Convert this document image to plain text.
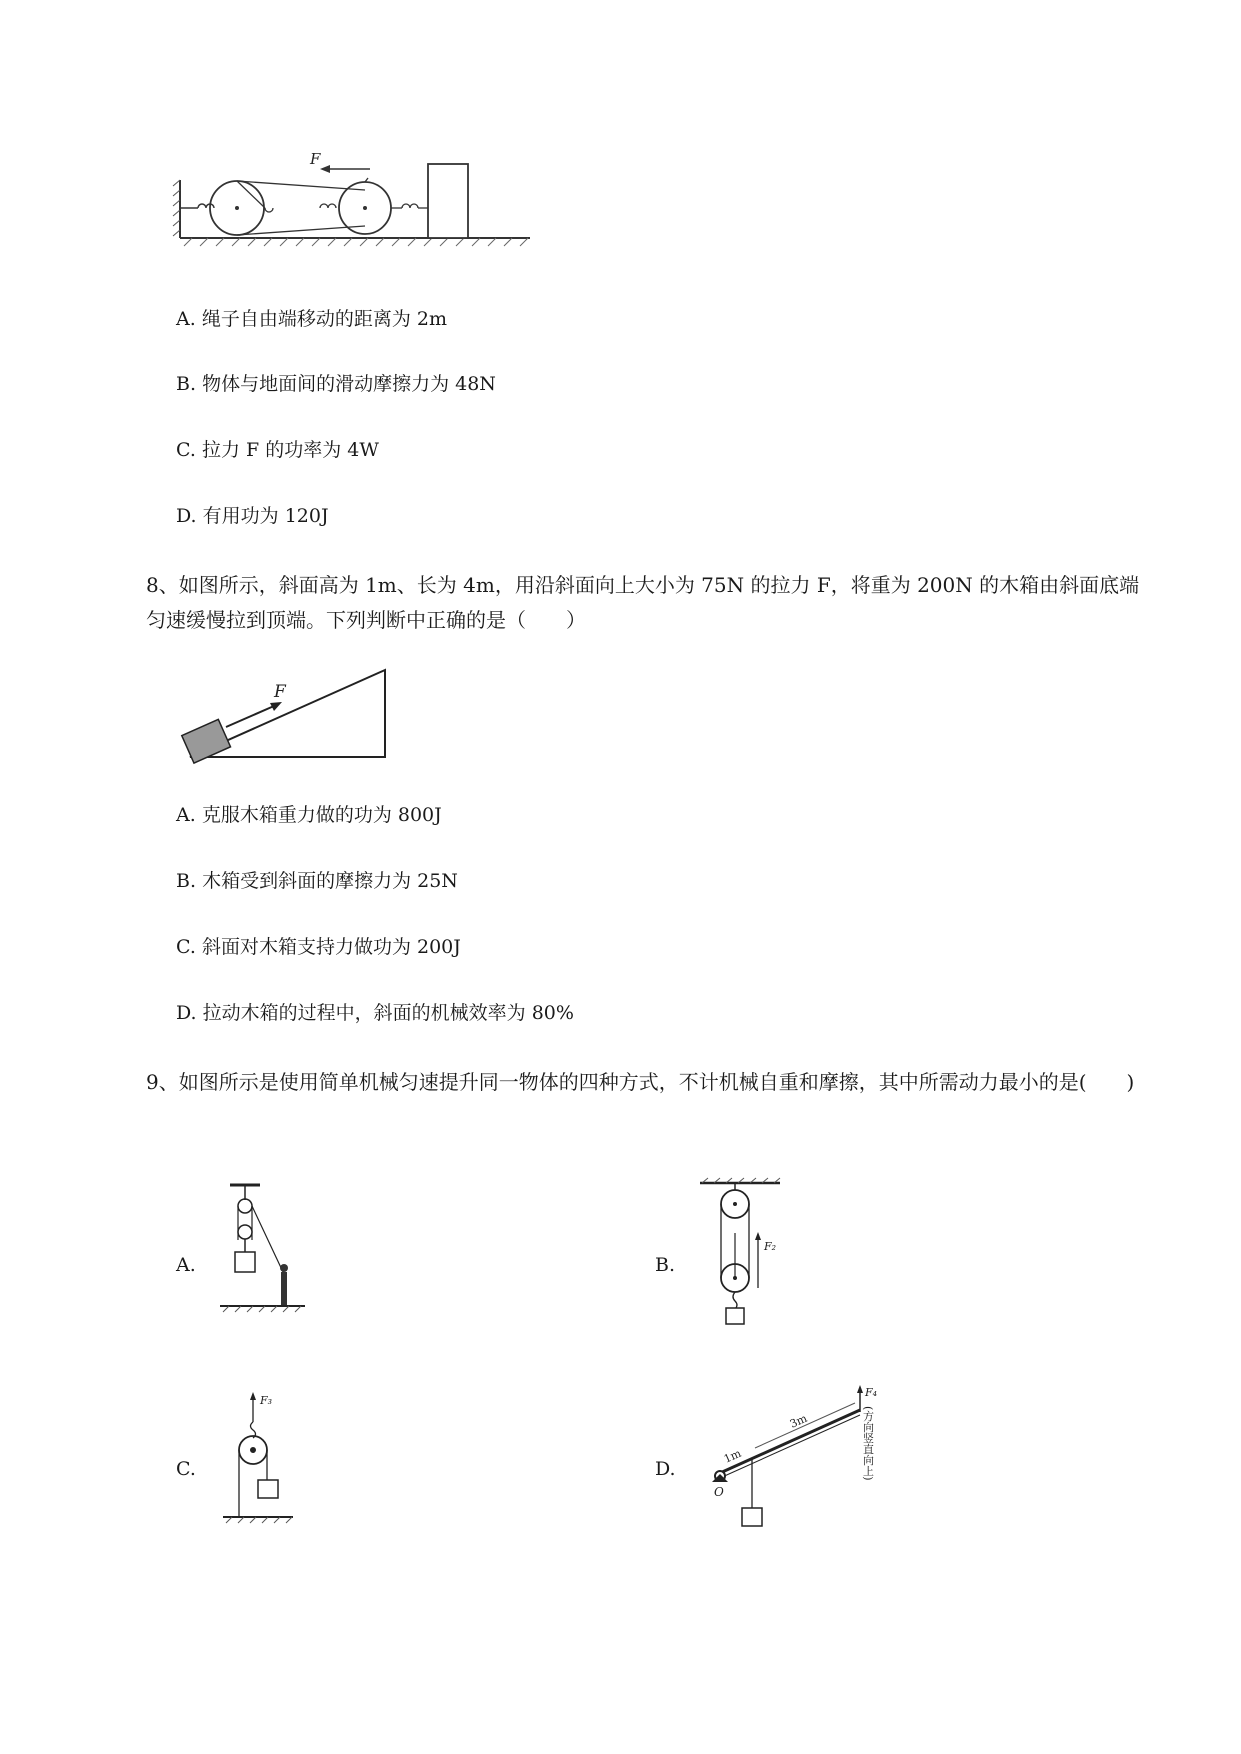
F
A. 绳子自由端移动的距离为 2m
B. 物体与地面间的滑动摩擦力为 48N
C. 拉力 F 的功率为 4W
D. 有用功为 120J
8、如图所示，斜面高为 1m、长为 4m，用沿斜面向上大小为 75N 的拉力 F，将重为 200N 的木箱由斜面底端匀速缓慢拉到顶端。下列判断中正确的是（　　）
F
A. 克服木箱重力做的功为 800J
B. 木箱受到斜面的摩擦力为 25N
C. 斜面对木箱支持力做功为 200J
D. 拉动木箱的过程中，斜面的机械效率为 80%
9、如图所示是使用简单机械匀速提升同一物体的四种方式，不计机械自重和摩擦，其中所需动力最小的是(　　)
A.	B.
F₂
C.
F₃
D.
O
1m
3m
F₄
(方向竖直向上)
